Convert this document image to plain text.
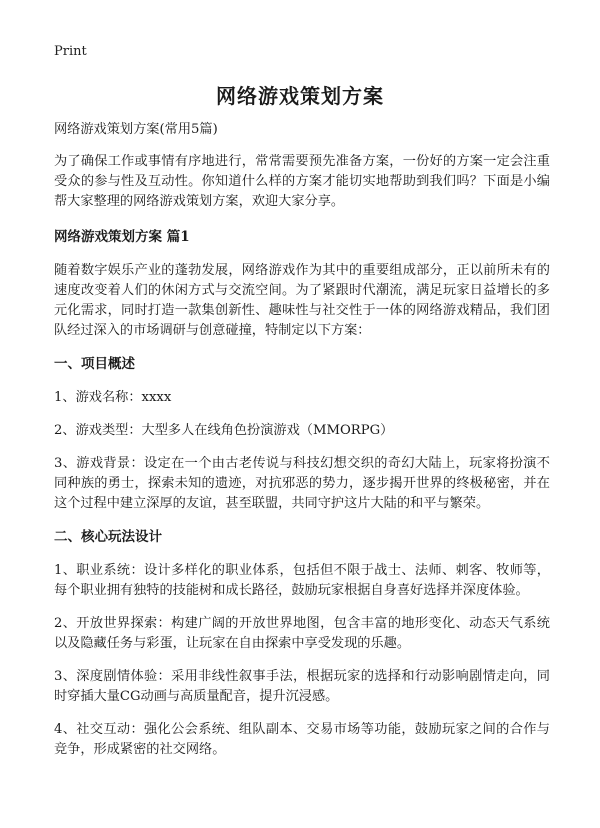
Print
网络游戏策划方案

网络游戏策划方案(常用5篇)

为了确保工作或事情有序地进行，常常需要预先准备方案，一份好的方案一定会注重受众的参与性及互动性。你知道什么样的方案才能切实地帮助到我们吗？下面是小编帮大家整理的网络游戏策划方案，欢迎大家分享。

网络游戏策划方案 篇1

随着数字娱乐产业的蓬勃发展，网络游戏作为其中的重要组成部分，正以前所未有的速度改变着人们的休闲方式与交流空间。为了紧跟时代潮流，满足玩家日益增长的多元化需求，同时打造一款集创新性、趣味性与社交性于一体的网络游戏精品，我们团队经过深入的市场调研与创意碰撞，特制定以下方案：

一、项目概述

1、游戏名称：xxxx

2、游戏类型：大型多人在线角色扮演游戏（MMORPG）

3、游戏背景：设定在一个由古老传说与科技幻想交织的奇幻大陆上，玩家将扮演不同种族的勇士，探索未知的遗迹，对抗邪恶的势力，逐步揭开世界的终极秘密，并在这个过程中建立深厚的友谊，甚至联盟，共同守护这片大陆的和平与繁荣。

二、核心玩法设计

1、职业系统：设计多样化的职业体系，包括但不限于战士、法师、刺客、牧师等，每个职业拥有独特的技能树和成长路径，鼓励玩家根据自身喜好选择并深度体验。

2、开放世界探索：构建广阔的开放世界地图，包含丰富的地形变化、动态天气系统以及隐藏任务与彩蛋，让玩家在自由探索中享受发现的乐趣。

3、深度剧情体验：采用非线性叙事手法，根据玩家的选择和行动影响剧情走向，同时穿插大量CG动画与高质量配音，提升沉浸感。

4、社交互动：强化公会系统、组队副本、交易市场等功能，鼓励玩家之间的合作与竞争，形成紧密的社交网络。
